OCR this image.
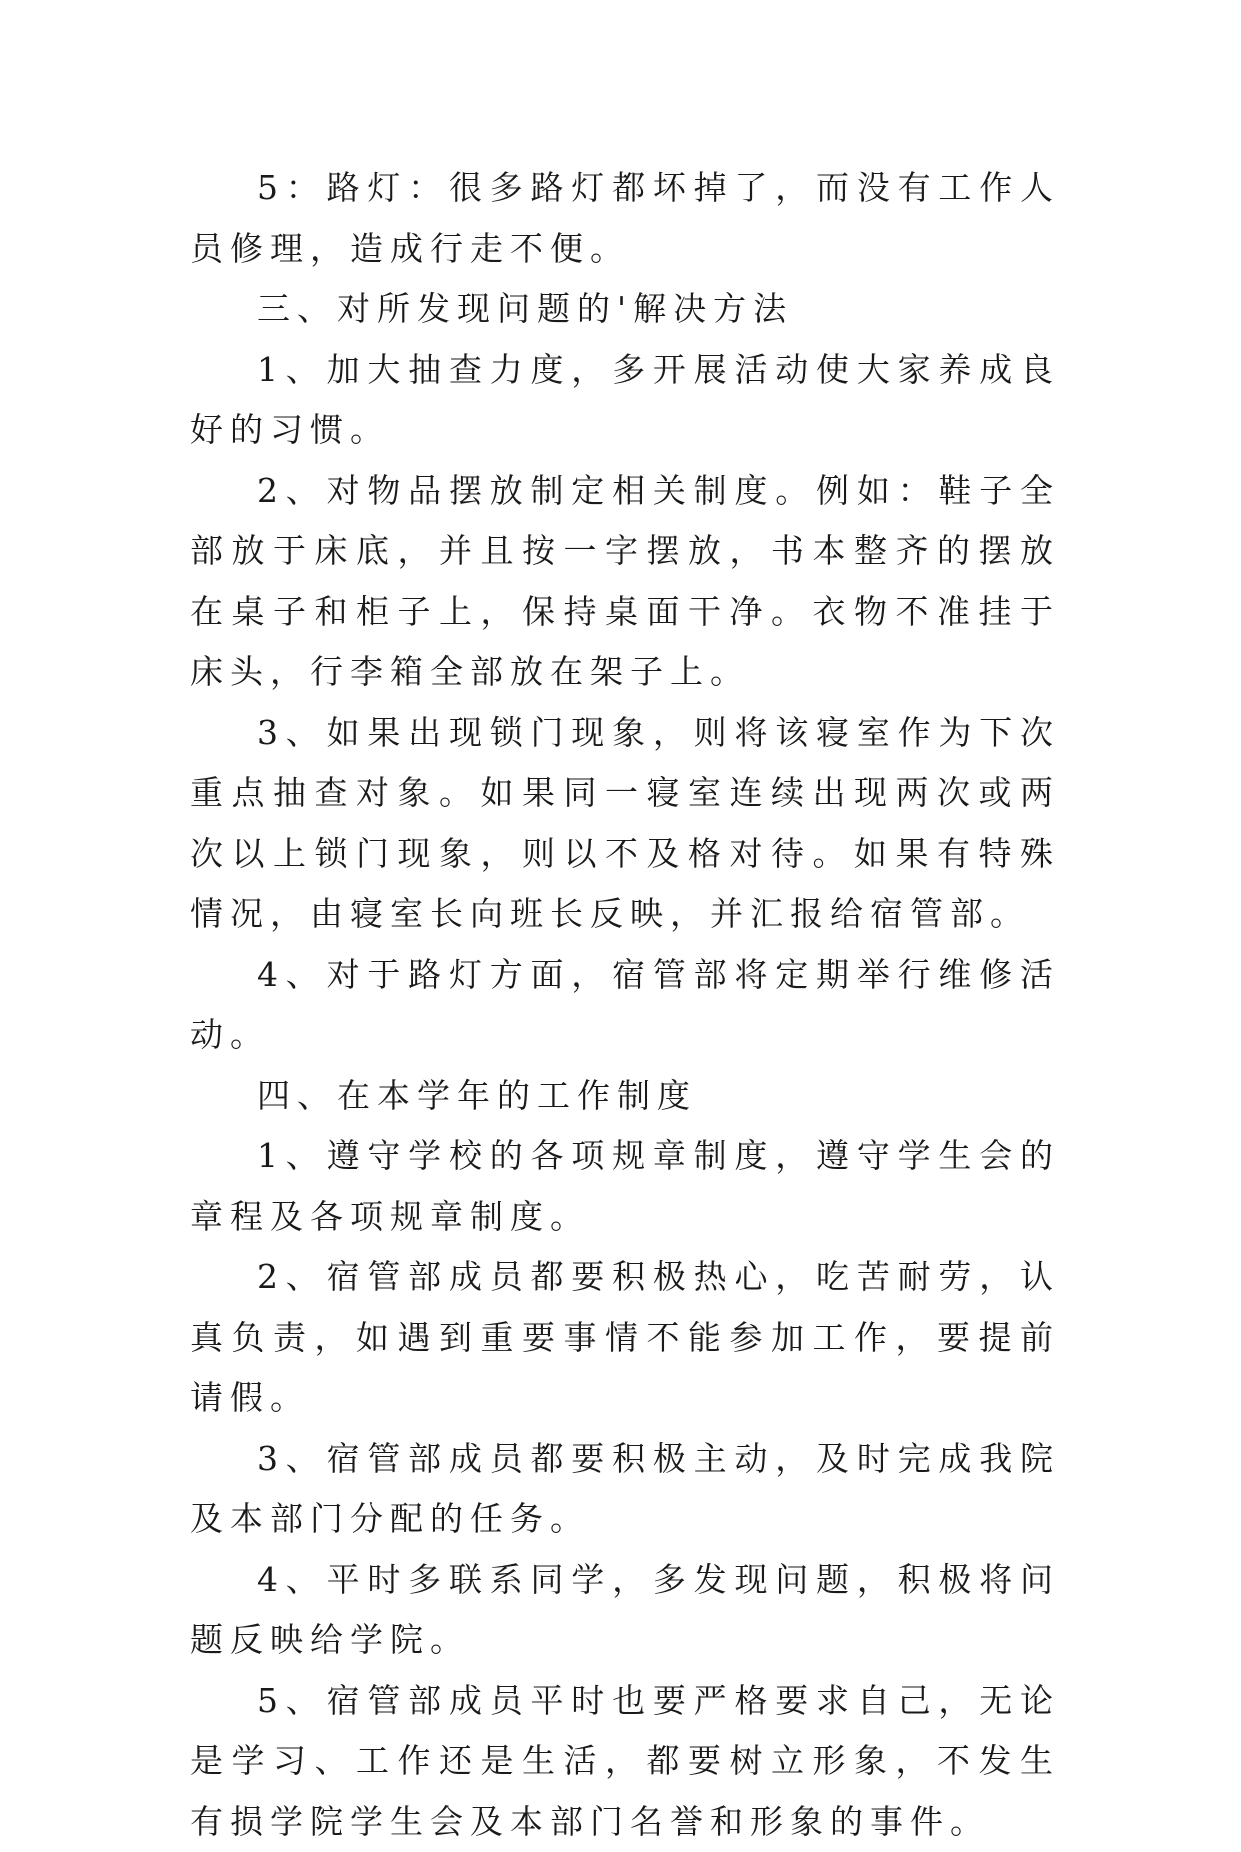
5：路灯：很多路灯都坏掉了，而没有工作人员修理，造成行走不便。

三、对所发现问题的'解决方法

1、加大抽查力度，多开展活动使大家养成良好的习惯。

2、对物品摆放制定相关制度。例如：鞋子全部放于床底，并且按一字摆放，书本整齐的摆放在桌子和柜子上，保持桌面干净。衣物不准挂于床头，行李箱全部放在架子上。

3、如果出现锁门现象，则将该寝室作为下次重点抽查对象。如果同一寝室连续出现两次或两次以上锁门现象，则以不及格对待。如果有特殊情况，由寝室长向班长反映，并汇报给宿管部。

4、对于路灯方面，宿管部将定期举行维修活动。

四、在本学年的工作制度

1、遵守学校的各项规章制度，遵守学生会的章程及各项规章制度。

2、宿管部成员都要积极热心，吃苦耐劳，认真负责，如遇到重要事情不能参加工作，要提前请假。

3、宿管部成员都要积极主动，及时完成我院及本部门分配的任务。

4、平时多联系同学，多发现问题，积极将问题反映给学院。

5、宿管部成员平时也要严格要求自己，无论是学习、工作还是生活，都要树立形象，不发生有损学院学生会及本部门名誉和形象的事件。
